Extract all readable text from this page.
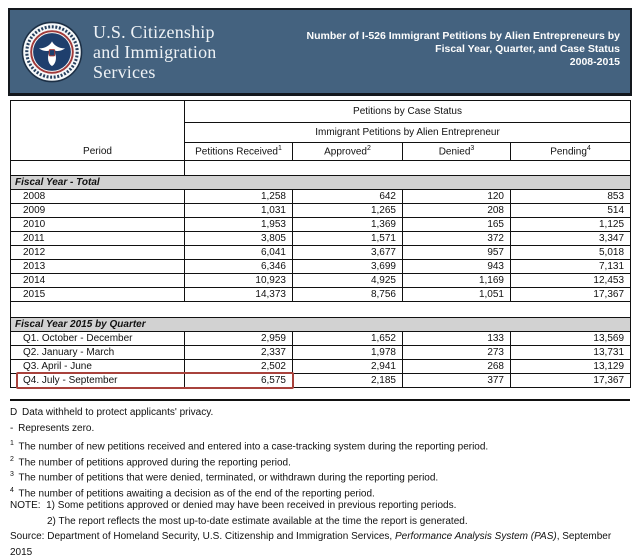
U.S. Citizenship
and Immigration
Services
Number of I-526 Immigrant Petitions by Alien Entrepreneurs by
Fiscal Year, Quarter, and Case Status
2008-2015
Period	Petitions by Case Status			
	Immigrant Petitions by Alien Entrepreneur			
	Petitions Received$^1$	Approved$^2$	Denied$^3$	Pending$^4$

Fiscal Year - Total				
2008	1,258	642	120	853
2009	1,031	1,265	208	514
2010	1,953	1,369	165	1,125
2011	3,805	1,571	372	3,347
2012	6,041	3,677	957	5,018
2013	6,346	3,699	943	7,131
2014	10,923	4,925	1,169	12,453
2015	14,373	8,756	1,051	17,367

Fiscal Year 2015 by Quarter				
Q1. October - December	2,959	1,652	133	13,569
Q2. January - March	2,337	1,978	273	13,731
Q3. April - June	2,502	2,941	268	13,129
Q4. July - September	6,575	2,185	377	17,367
D Data withheld to protect applicants' privacy.
- Represents zero.
$^1$ The number of new petitions received and entered into a case-tracking system during the reporting period.
$^2$ The number of petitions approved during the reporting period.
$^3$ The number of petitions that were denied, terminated, or withdrawn during the reporting period.
$^4$ The number of petitions awaiting a decision as of the end of the reporting period.
NOTE: 1) Some petitions approved or denied may have been received in previous reporting periods.
2) The report reflects the most up-to-date estimate available at the time the report is generated.
Source: Department of Homeland Security, U.S. Citizenship and Immigration Services, Performance Analysis System (PAS), September 2015
